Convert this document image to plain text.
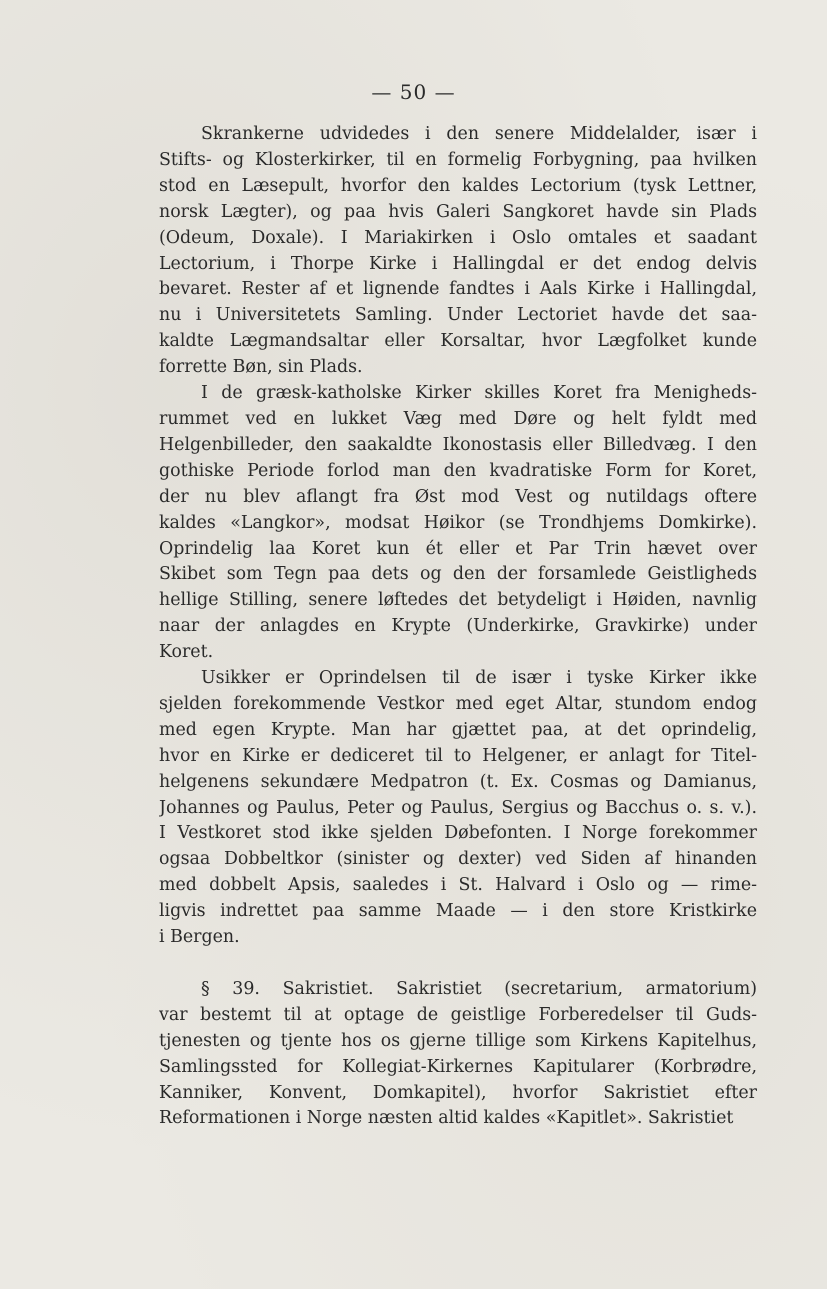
— 50 —
Skrankerne udvidedes i den senere Middelalder, især i
Stifts- og Klosterkirker, til en formelig Forbygning, paa hvilken
stod en Læsepult, hvorfor den kaldes Lectorium (tysk Lettner,
norsk Lægter), og paa hvis Galeri Sangkoret havde sin Plads
(Odeum, Doxale). I Mariakirken i Oslo omtales et saadant
Lectorium, i Thorpe Kirke i Hallingdal er det endog delvis
bevaret. Rester af et lignende fandtes i Aals Kirke i Hallingdal,
nu i Universitetets Samling. Under Lectoriet havde det saa-
kaldte Lægmandsaltar eller Korsaltar, hvor Lægfolket kunde
forrette Bøn, sin Plads.
I de græsk-katholske Kirker skilles Koret fra Menigheds-
rummet ved en lukket Væg med Døre og helt fyldt med
Helgenbilleder, den saakaldte Ikonostasis eller Billedvæg. I den
gothiske Periode forlod man den kvadratiske Form for Koret,
der nu blev aflangt fra Øst mod Vest og nutildags oftere
kaldes «Langkor», modsat Høikor (se Trondhjems Domkirke).
Oprindelig laa Koret kun ét eller et Par Trin hævet over
Skibet som Tegn paa dets og den der forsamlede Geistligheds
hellige Stilling, senere løftedes det betydeligt i Høiden, navnlig
naar der anlagdes en Krypte (Underkirke, Gravkirke) under
Koret.
Usikker er Oprindelsen til de især i tyske Kirker ikke
sjelden forekommende Vestkor med eget Altar, stundom endog
med egen Krypte. Man har gjættet paa, at det oprindelig,
hvor en Kirke er dediceret til to Helgener, er anlagt for Titel-
helgenens sekundære Medpatron (t. Ex. Cosmas og Damianus,
Johannes og Paulus, Peter og Paulus, Sergius og Bacchus o. s. v.).
I Vestkoret stod ikke sjelden Døbefonten. I Norge forekommer
ogsaa Dobbeltkor (sinister og dexter) ved Siden af hinanden
med dobbelt Apsis, saaledes i St. Halvard i Oslo og — rime-
ligvis indrettet paa samme Maade — i den store Kristkirke
i Bergen.
§ 39. Sakristiet. Sakristiet (secretarium, armatorium)
var bestemt til at optage de geistlige Forberedelser til Guds-
tjenesten og tjente hos os gjerne tillige som Kirkens Kapitelhus,
Samlingssted for Kollegiat-Kirkernes Kapitularer (Korbrødre,
Kanniker, Konvent, Domkapitel), hvorfor Sakristiet efter
Reformationen i Norge næsten altid kaldes «Kapitlet». Sakristiet
